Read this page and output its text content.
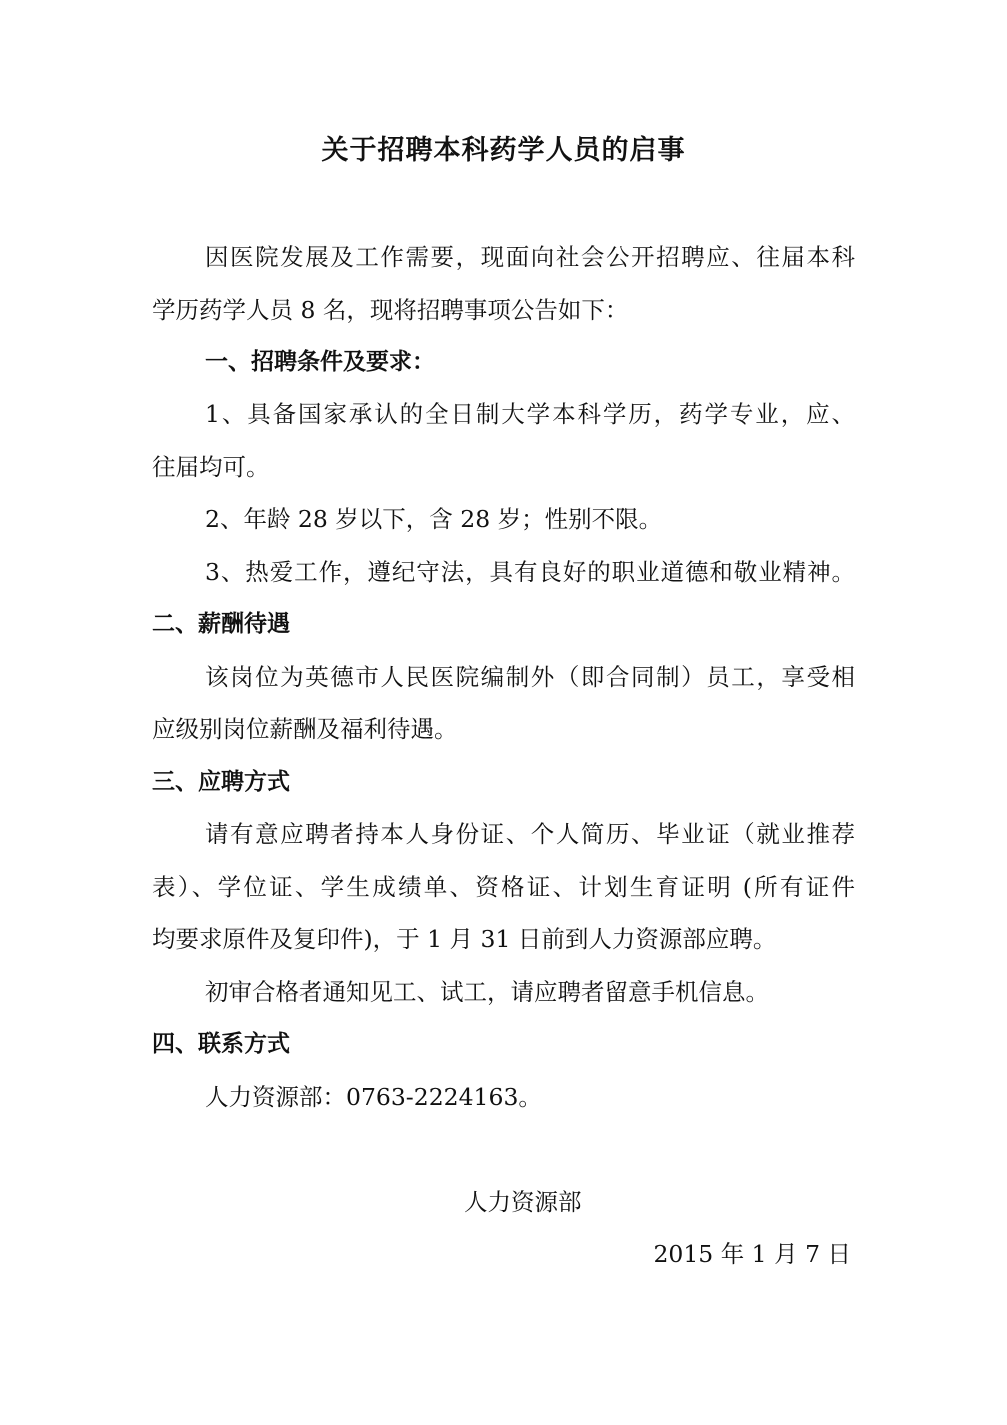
关于招聘本科药学人员的启事

因医院发展及工作需要，现面向社会公开招聘应、往届本科

学历药学人员 8 名，现将招聘事项公告如下：

一、招聘条件及要求：

1、具备国家承认的全日制大学本科学历，药学专业，应、

往届均可。

2、年龄 28 岁以下，含 28 岁；性别不限。

3、热爱工作，遵纪守法，具有良好的职业道德和敬业精神。

二、薪酬待遇

该岗位为英德市人民医院编制外（即合同制）员工，享受相

应级别岗位薪酬及福利待遇。

三、应聘方式

请有意应聘者持本人身份证、个人简历、毕业证（就业推荐

表）、学位证、学生成绩单、资格证、计划生育证明 (所有证件

均要求原件及复印件)，于 1 月 31 日前到人力资源部应聘。

初审合格者通知见工、试工，请应聘者留意手机信息。

四、联系方式

人力资源部：0763-2224163。

人力资源部
2015 年 1 月 7 日
